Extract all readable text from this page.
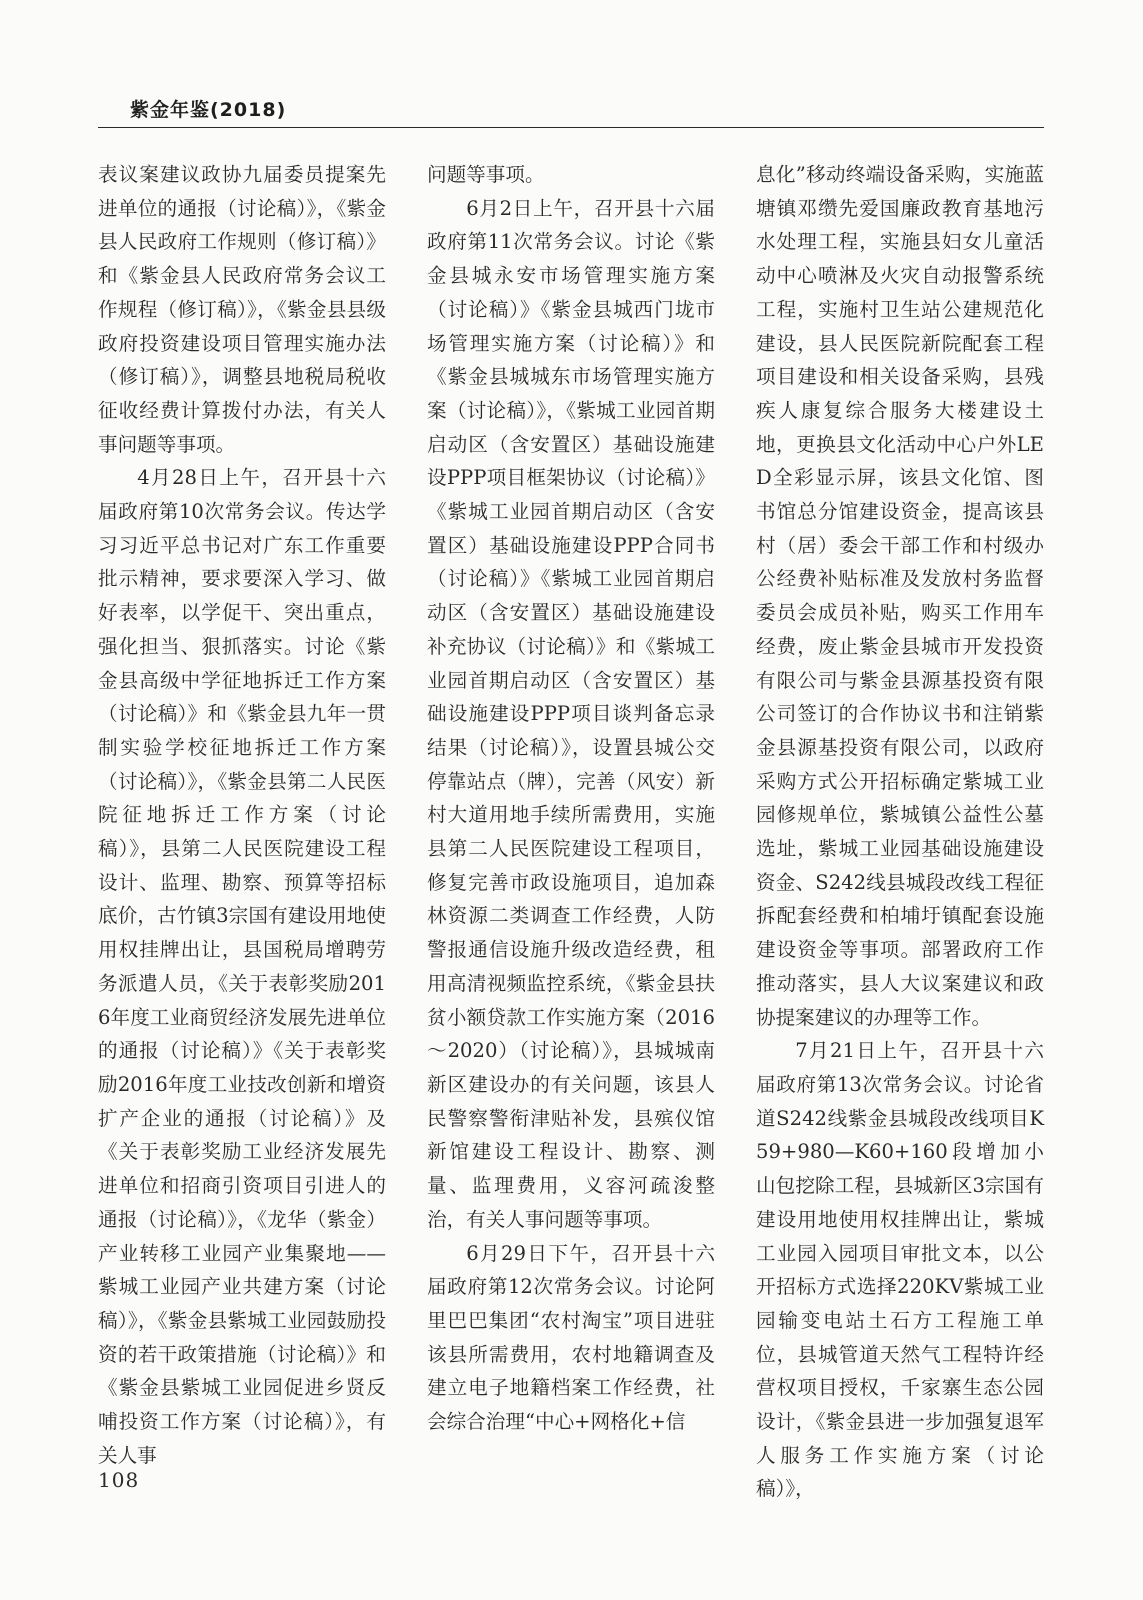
紫金年鉴(2018)

表议案建议政协九届委员提案先进单位的通报（讨论稿）》，《紫金县人民政府工作规则（修订稿）》和《紫金县人民政府常务会议工作规程（修订稿）》，《紫金县县级政府投资建设项目管理实施办法（修订稿）》，调整县地税局税收征收经费计算拨付办法，有关人事问题等事项。

4月28日上午，召开县十六届政府第10次常务会议。传达学习习近平总书记对广东工作重要批示精神，要求要深入学习、做好表率，以学促干、突出重点，强化担当、狠抓落实。讨论《紫金县高级中学征地拆迁工作方案（讨论稿）》和《紫金县九年一贯制实验学校征地拆迁工作方案（讨论稿）》，《紫金县第二人民医院征地拆迁工作方案（讨论稿）》，县第二人民医院建设工程设计、监理、勘察、预算等招标底价，古竹镇3宗国有建设用地使用权挂牌出让，县国税局增聘劳务派遣人员，《关于表彰奖励2016年度工业商贸经济发展先进单位的通报（讨论稿）》《关于表彰奖励2016年度工业技改创新和增资扩产企业的通报（讨论稿）》及《关于表彰奖励工业经济发展先进单位和招商引资项目引进人的通报（讨论稿）》，《龙华（紫金）产业转移工业园产业集聚地——紫城工业园产业共建方案（讨论稿）》，《紫金县紫城工业园鼓励投资的若干政策措施（讨论稿）》和《紫金县紫城工业园促进乡贤反哺投资工作方案（讨论稿）》，有关人事

问题等事项。

6月2日上午，召开县十六届政府第11次常务会议。讨论《紫金县城永安市场管理实施方案（讨论稿）》《紫金县城西门垅市场管理实施方案（讨论稿）》和《紫金县城城东市场管理实施方案（讨论稿）》，《紫城工业园首期启动区（含安置区）基础设施建设PPP项目框架协议（讨论稿）》《紫城工业园首期启动区（含安置区）基础设施建设PPP合同书（讨论稿）》《紫城工业园首期启动区（含安置区）基础设施建设补充协议（讨论稿）》和《紫城工业园首期启动区（含安置区）基础设施建设PPP项目谈判备忘录结果（讨论稿）》，设置县城公交停靠站点（牌），完善（风安）新村大道用地手续所需费用，实施县第二人民医院建设工程项目，修复完善市政设施项目，追加森林资源二类调查工作经费，人防警报通信设施升级改造经费，租用高清视频监控系统，《紫金县扶贫小额贷款工作实施方案（2016～2020）（讨论稿）》，县城城南新区建设办的有关问题，该县人民警察警衔津贴补发，县殡仪馆新馆建设工程设计、勘察、测量、监理费用，义容河疏浚整治，有关人事问题等事项。

6月29日下午，召开县十六届政府第12次常务会议。讨论阿里巴巴集团“农村淘宝”项目进驻该县所需费用，农村地籍调查及建立电子地籍档案工作经费，社会综合治理“中心+网格化+信

息化”移动终端设备采购，实施蓝塘镇邓缵先爱国廉政教育基地污水处理工程，实施县妇女儿童活动中心喷淋及火灾自动报警系统工程，实施村卫生站公建规范化建设，县人民医院新院配套工程项目建设和相关设备采购，县残疾人康复综合服务大楼建设土地，更换县文化活动中心户外LED全彩显示屏，该县文化馆、图书馆总分馆建设资金，提高该县村（居）委会干部工作和村级办公经费补贴标准及发放村务监督委员会成员补贴，购买工作用车经费，废止紫金县城市开发投资有限公司与紫金县源基投资有限公司签订的合作协议书和注销紫金县源基投资有限公司，以政府采购方式公开招标确定紫城工业园修规单位，紫城镇公益性公墓选址，紫城工业园基础设施建设资金、S242线县城段改线工程征拆配套经费和柏埔圩镇配套设施建设资金等事项。部署政府工作推动落实，县人大议案建议和政协提案建议的办理等工作。

7月21日上午，召开县十六届政府第13次常务会议。讨论省道S242线紫金县城段改线项目K59+980—K60+160段增加小山包挖除工程，县城新区3宗国有建设用地使用权挂牌出让，紫城工业园入园项目审批文本，以公开招标方式选择220KV紫城工业园输变电站土石方工程施工单位，县城管道天然气工程特许经营权项目授权，千家寨生态公园设计，《紫金县进一步加强复退军人服务工作实施方案（讨论稿）》，

108
